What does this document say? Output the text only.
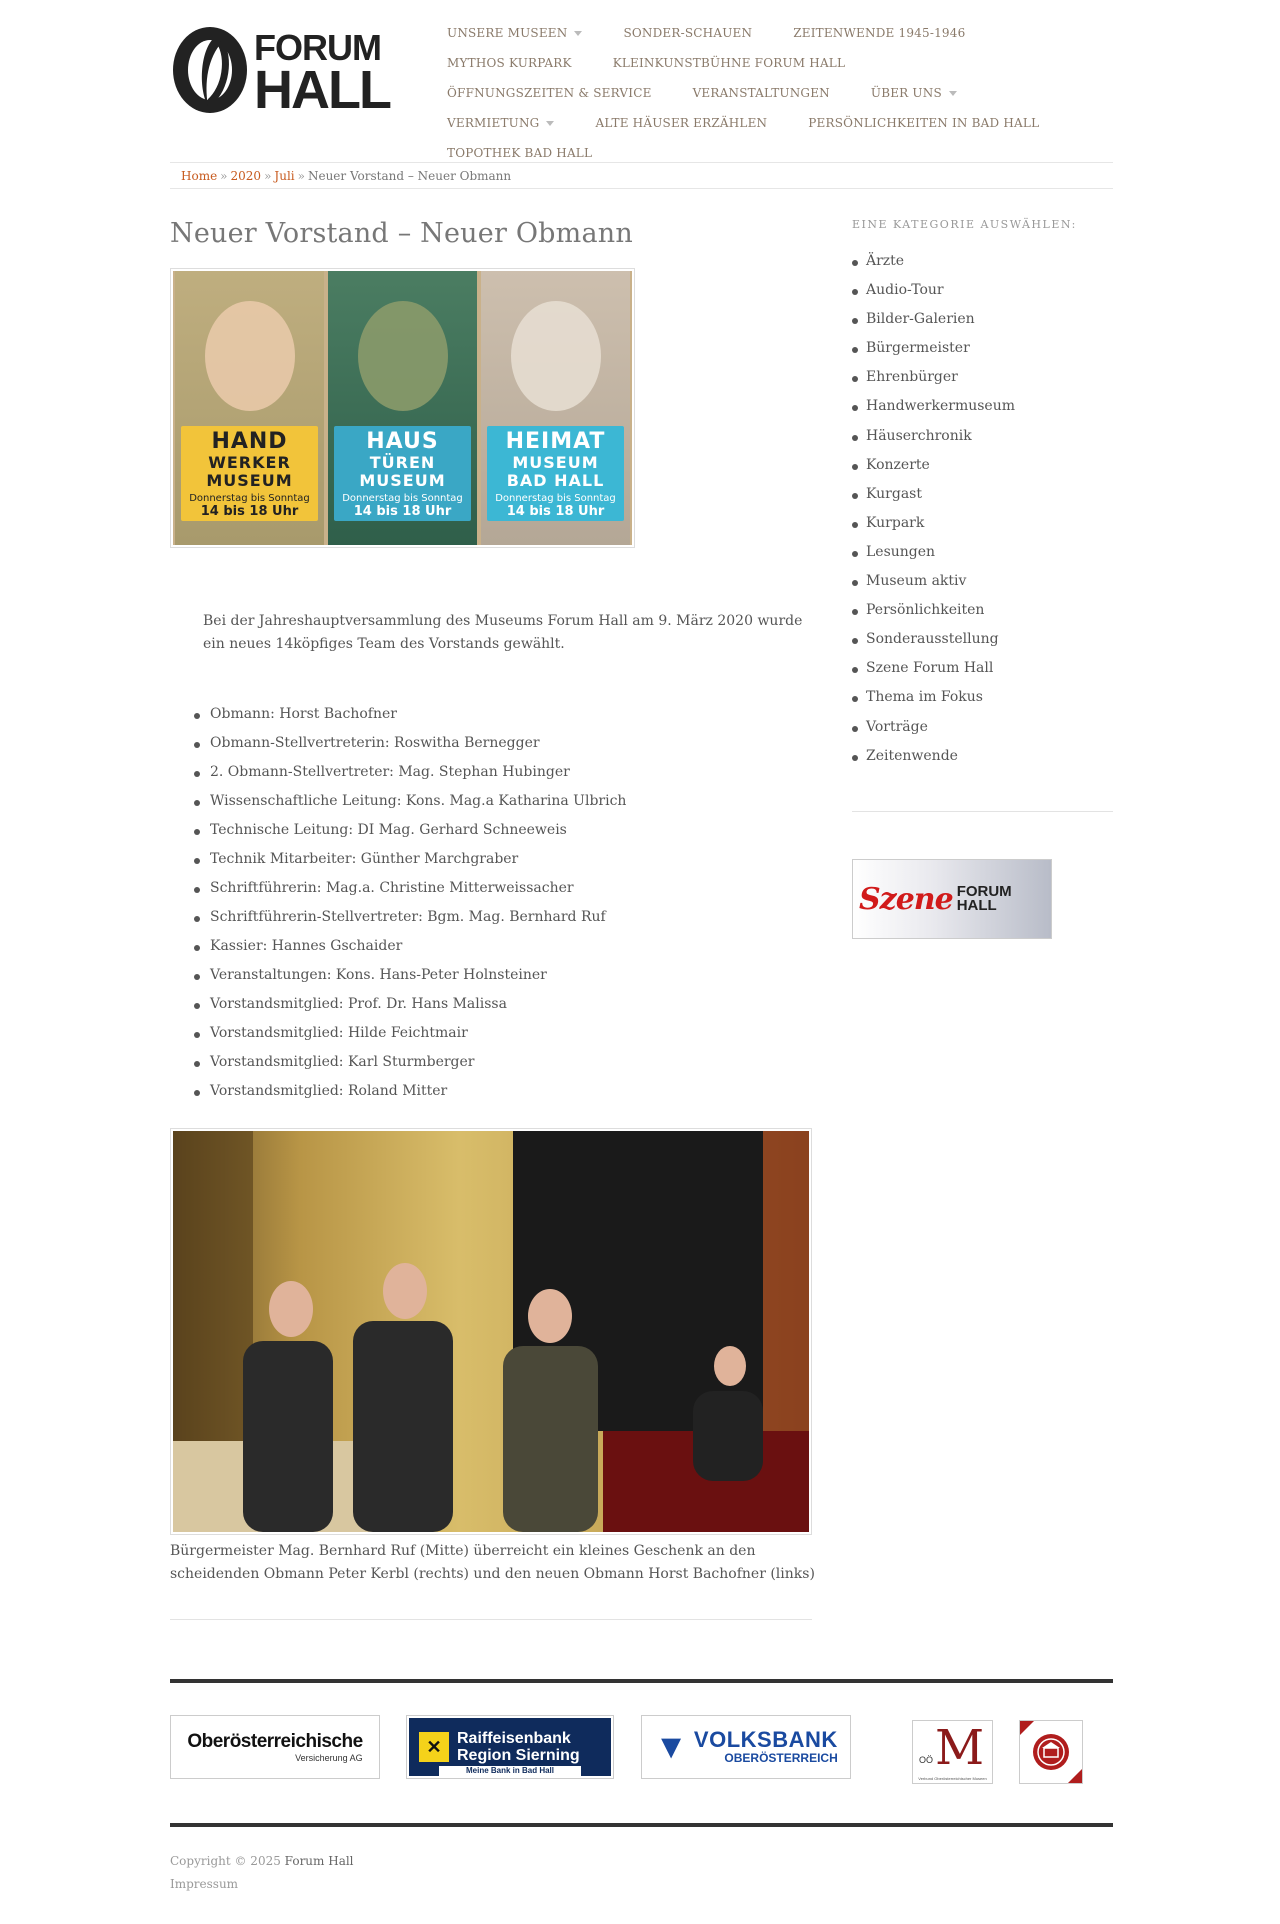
FORUM
HALL
UNSERE MUSEEN	SONDER-SCHAUEN	ZEITENWENDE 1945-1946
MYTHOS KURPARK	KLEINKUNSTBÜHNE FORUM HALL
ÖFFNUNGSZEITEN & SERVICE	VERANSTALTUNGEN	ÜBER UNS
VERMIETUNG	ALTE HÄUSER ERZÄHLEN	PERSÖNLICHKEITEN IN BAD HALL
TOPOTHEK BAD HALL
Home » 2020 » Juli » Neuer Vorstand – Neuer Obmann
Neuer Vorstand – Neuer Obmann
HAND
WERKER
MUSEUM
Donnerstag bis Sonntag
14 bis 18 Uhr
HAUS
TÜREN
MUSEUM
Donnerstag bis Sonntag
14 bis 18 Uhr
HEIMAT
MUSEUM
BAD HALL
Donnerstag bis Sonntag
14 bis 18 Uhr

Bei der Jahreshauptversammlung des Museums Forum Hall am 9. März 2020 wurde ein neues 14köpfiges Team des Vorstands gewählt.

Obmann: Horst Bachofner
Obmann-Stellvertreterin: Roswitha Bernegger
2. Obmann-Stellvertreter: Mag. Stephan Hubinger
Wissenschaftliche Leitung: Kons. Mag.a Katharina Ulbrich
Technische Leitung: DI Mag. Gerhard Schneeweis
Technik Mitarbeiter: Günther Marchgraber
Schriftführerin: Mag.a. Christine Mitterweissacher
Schriftführerin-Stellvertreter: Bgm. Mag. Bernhard Ruf
Kassier: Hannes Gschaider
Veranstaltungen: Kons. Hans-Peter Holnsteiner
Vorstandsmitglied: Prof. Dr. Hans Malissa
Vorstandsmitglied: Hilde Feichtmair
Vorstandsmitglied: Karl Sturmberger
Vorstandsmitglied: Roland Mitter

Bürgermeister Mag. Bernhard Ruf (Mitte) überreicht ein kleines Geschenk an den scheidenden Obmann Peter Kerbl (rechts) und den neuen Obmann Horst Bachofner (links)

EINE KATEGORIE AUSWÄHLEN:
Ärzte
Audio-Tour
Bilder-Galerien
Bürgermeister
Ehrenbürger
Handwerkermuseum
Häuserchronik
Konzerte
Kurgast
Kurpark
Lesungen
Museum aktiv
Persönlichkeiten
Sonderausstellung
Szene Forum Hall
Thema im Fokus
Vorträge
Zeitenwende
Szene FORUM HALL
Oberösterreichische
Versicherung AG
✕ Raiffeisenbank
Region Sierning
Meine Bank in Bad Hall
▼ VOLKSBANK
OBERÖSTERREICH	OÖ M
Verbund Oberösterreichischer Museen
Copyright © 2025 Forum Hall
Impressum
